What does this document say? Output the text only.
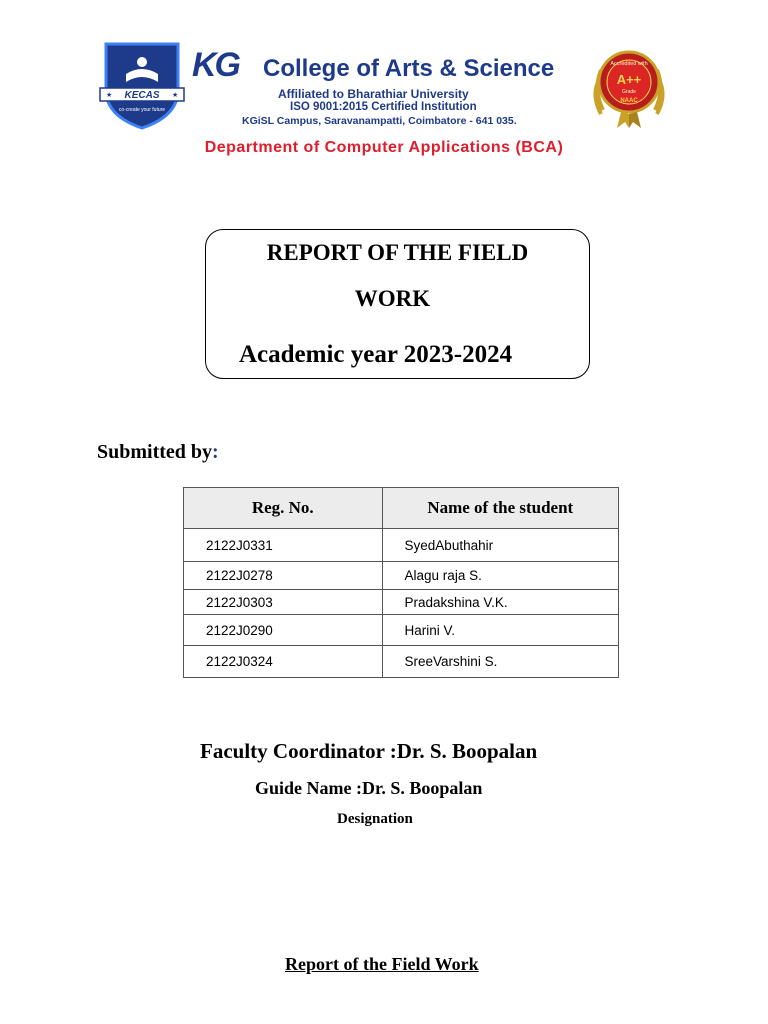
KECAS
co-create your future
★	★
KG College of Arts & Science
Affiliated to Bharathiar University
ISO 9001:2015 Certified Institution
KGiSL Campus, Saravanampatti, Coimbatore - 641 035.
Accredited with
A++
Grade
NAAC
Department of Computer Applications (BCA)
REPORT OF THE FIELD
WORK
Academic year 2023-2024
Submitted by:
Reg. No.	Name of the student
2122J0331	SyedAbuthahir
2122J0278	Alagu raja S.
2122J0303	Pradakshina V.K.
2122J0290	Harini V.
2122J0324	SreeVarshini S.
Faculty Coordinator :Dr. S. Boopalan
Guide Name :Dr. S. Boopalan
Designation
Report of the Field Work
